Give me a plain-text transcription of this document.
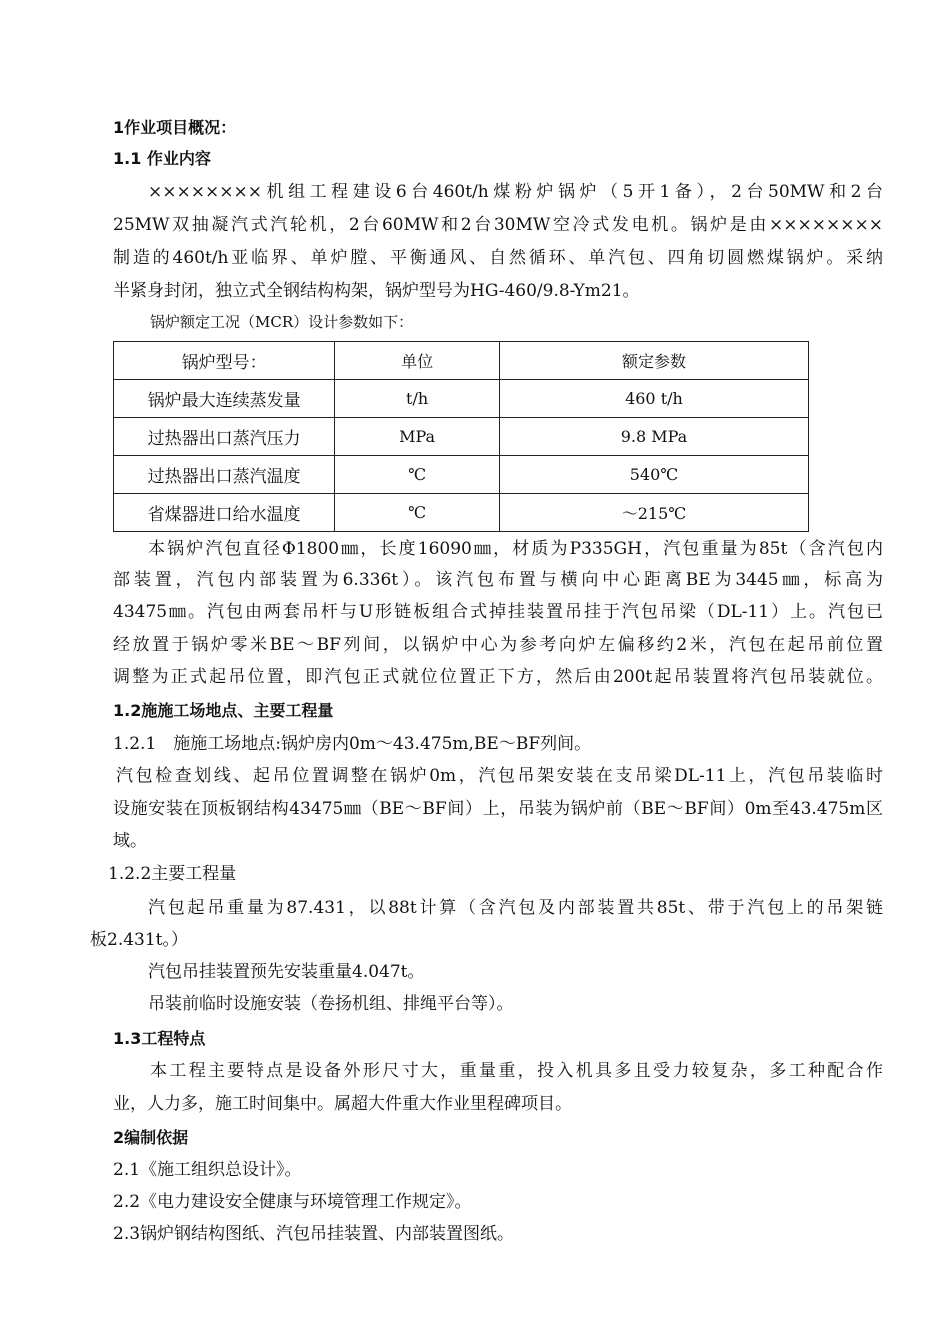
1作业项目概况：
1.1 作业内容
××××××××机组工程建设6台460t/h煤粉炉锅炉（5开1备），2台50MW和2台
25MW双抽凝汽式汽轮机，2台60MW和2台30MW空冷式发电机。锅炉是由××××××××
制造的460t/h亚临界、单炉膛、平衡通风、自然循环、单汽包、四角切圆燃煤锅炉。采纳
半紧身封闭，独立式全钢结构构架，锅炉型号为HG-460/9.8-Ym21。
锅炉额定工况（MCR）设计参数如下：
锅炉型号：	单位	额定参数
锅炉最大连续蒸发量	t/h	460 t/h
过热器出口蒸汽压力	MPa	9.8 MPa
过热器出口蒸汽温度	℃	540℃
省煤器进口给水温度	℃	～215℃
本锅炉汽包直径Φ1800㎜，长度16090㎜，材质为P335GH，汽包重量为85t（含汽包内
部装置，汽包内部装置为6.336t）。该汽包布置与横向中心距离BE为3445㎜，标高为
43475㎜。汽包由两套吊杆与U形链板组合式掉挂装置吊挂于汽包吊梁（DL-11）上。汽包已
经放置于锅炉零米BE～BF列间，以锅炉中心为参考向炉左偏移约2米，汽包在起吊前位置
调整为正式起吊位置，即汽包正式就位位置正下方，然后由200t起吊装置将汽包吊装就位。
1.2施施工场地点、主要工程量
1.2.1　施施工场地点:锅炉房内0m～43.475m,BE～BF列间。
汽包检查划线、起吊位置调整在锅炉0m，汽包吊架安装在支吊梁DL-11上，汽包吊装临时
设施安装在顶板钢结构43475㎜（BE～BF间）上，吊装为锅炉前（BE～BF间）0m至43.475m区
域。
1.2.2主要工程量
汽包起吊重量为87.431，以88t计算（含汽包及内部装置共85t、带于汽包上的吊架链
板2.431t。）
汽包吊挂装置预先安装重量4.047t。
吊装前临时设施安装（卷扬机组、排绳平台等）。
1.3工程特点
本工程主要特点是设备外形尺寸大，重量重，投入机具多且受力较复杂，多工种配合作
业，人力多，施工时间集中。属超大件重大作业里程碑项目。
2编制依据
2.1《施工组织总设计》。
2.2《电力建设安全健康与环境管理工作规定》。
2.3锅炉钢结构图纸、汽包吊挂装置、内部装置图纸。
